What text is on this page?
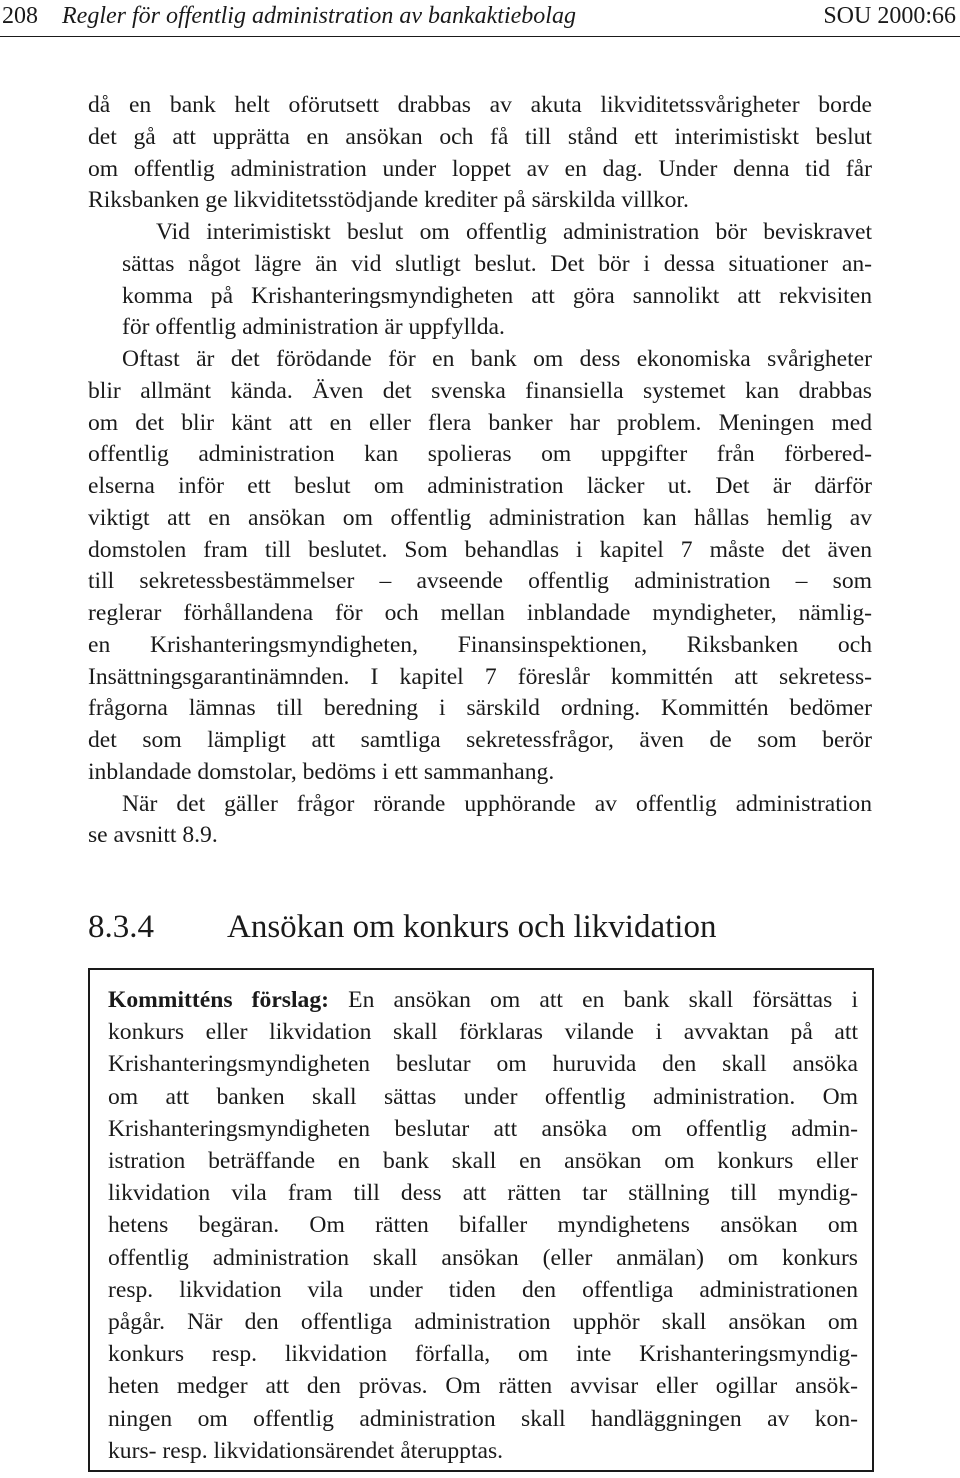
208 Regler för offentlig administration av bankaktiebolag	SOU 2000:66

då en bank helt oförutsett drabbas av akuta likviditetssvårigheter borde
det gå att upprätta en ansökan och få till stånd ett interimistiskt beslut
om offentlig administration under loppet av en dag. Under denna tid får
Riksbanken ge likviditetsstödjande krediter på särskilda villkor.

Vid interimistiskt beslut om offentlig administration bör beviskravet
sättas något lägre än vid slutligt beslut. Det bör i dessa situationer an-
komma på Krishanteringsmyndigheten att göra sannolikt att rekvisiten
för offentlig administration är uppfyllda.

Oftast är det förödande för en bank om dess ekonomiska svårigheter
blir allmänt kända. Även det svenska finansiella systemet kan drabbas
om det blir känt att en eller flera banker har problem. Meningen med
offentlig administration kan spolieras om uppgifter från förbered-
elserna inför ett beslut om administration läcker ut. Det är därför
viktigt att en ansökan om offentlig administration kan hållas hemlig av
domstolen fram till beslutet. Som behandlas i kapitel 7 måste det även
till sekretessbestämmelser – avseende offentlig administration – som
reglerar förhållandena för och mellan inblandade myndigheter, nämlig-
en Krishanteringsmyndigheten, Finansinspektionen, Riksbanken och
Insättningsgarantinämnden. I kapitel 7 föreslår kommittén att sekretess-
frågorna lämnas till beredning i särskild ordning. Kommittén bedömer
det som lämpligt att samtliga sekretessfrågor, även de som berör
inblandade domstolar, bedöms i ett sammanhang.

När det gäller frågor rörande upphörande av offentlig administration
se avsnitt 8.9.

8.3.4 Ansökan om konkurs och likvidation
Kommitténs förslag: En ansökan om att en bank skall försättas i
konkurs eller likvidation skall förklaras vilande i avvaktan på att
Krishanteringsmyndigheten beslutar om huruvida den skall ansöka
om att banken skall sättas under offentlig administration. Om
Krishanteringsmyndigheten beslutar att ansöka om offentlig admin-
istration beträffande en bank skall en ansökan om konkurs eller
likvidation vila fram till dess att rätten tar ställning till myndig-
hetens begäran. Om rätten bifaller myndighetens ansökan om
offentlig administration skall ansökan (eller anmälan) om konkurs
resp. likvidation vila under tiden den offentliga administrationen
pågår. När den offentliga administration upphör skall ansökan om
konkurs resp. likvidation förfalla, om inte Krishanteringsmyndig-
heten medger att den prövas. Om rätten avvisar eller ogillar ansök-
ningen om offentlig administration skall handläggningen av kon-
kurs- resp. likvidationsärendet återupptas.
